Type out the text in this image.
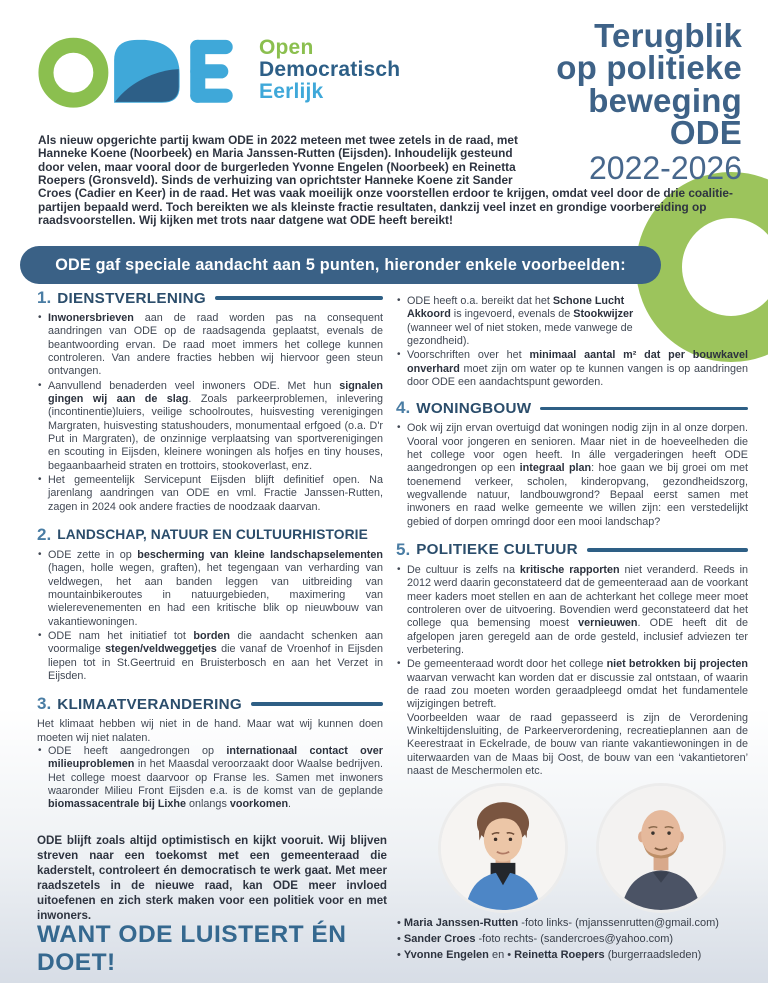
Terugblik
op politieke
beweging
ODE
2022-2026
Open
Democratisch
Eerlijk

Als nieuw opgerichte partij kwam ODE in 2022 meteen met twee zetels in de raad, met Hanneke Koene (Noorbeek) en Maria Janssen-Rutten (Eijsden). Inhoudelijk gesteund door velen, maar vooral door de burgerleden Yvonne Engelen (Noorbeek) en Reinetta Roepers (Gronsveld). Sinds de verhuizing van oprichtster Hanneke Koene zit Sander Croes (Cadier en Keer) in de raad. Het was vaak moeilijk onze voorstellen erdoor te krijgen, omdat veel door de drie coalitie-partijen bepaald werd. Toch bereikten we als kleinste fractie resultaten, dankzij veel inzet en grondige voorbereiding op raadsvoorstellen. Wij kijken met trots naar datgene wat ODE heeft bereikt!

ODE gaf speciale aandacht aan 5 punten, hieronder enkele voorbeelden:
1. DIENSTVERLENING

• Inwonersbrieven aan de raad worden pas na consequent aandringen van ODE op de raadsagenda geplaatst, evenals de beantwoording ervan. De raad moet immers het college kunnen controleren. Van andere fracties hebben wij hiervoor geen steun ontvangen.

• Aanvullend benaderden veel inwoners ODE. Met hun signalen gingen wij aan de slag. Zoals parkeerproblemen, inlevering (incontinentie)luiers, veilige schoolroutes, huisvesting verenigingen Margraten, huisvesting statushouders, monumentaal erfgoed (o.a. D'r Put in Margraten), de onzinnige verplaatsing van sportverenigingen en scouting in Eijsden, kleinere woningen als hofjes en tiny houses, begaanbaarheid straten en trottoirs, stookoverlast, enz.

• Het gemeentelijk Servicepunt Eijsden blijft definitief open. Na jarenlang aandringen van ODE en vml. Fractie Janssen-Rutten, zagen in 2024 ook andere fracties de noodzaak daarvan.

2. LANDSCHAP, NATUUR EN CULTUURHISTORIE

• ODE zette in op bescherming van kleine landschapselementen (hagen, holle wegen, graften), het tegengaan van verharding van veldwegen, het aan banden leggen van uitbreiding van mountainbikeroutes in natuurgebieden, maximering van wielerevenementen en had een kritische blik op nieuwbouw van vakantiewoningen.

• ODE nam het initiatief tot borden die aandacht schenken aan voormalige stegen/veldweggetjes die vanaf de Vroenhof in Eijsden liepen tot in St.Geertruid en Bruisterbosch en aan het Verzet in Eijsden.

3. KLIMAATVERANDERING

Het klimaat hebben wij niet in de hand. Maar wat wij kunnen doen moeten wij niet nalaten.

• ODE heeft aangedrongen op internationaal contact over milieuproblemen in het Maasdal veroorzaakt door Waalse bedrijven. Het college moest daarvoor op Franse les. Samen met inwoners waaronder Milieu Front Eijsden e.a. is de komst van de geplande biomassacentrale bij Lixhe onlangs voorkomen.

• ODE heeft o.a. bereikt dat het Schone Lucht Akkoord is ingevoerd, evenals de Stookwijzer (wanneer wel of niet stoken, mede vanwege de gezondheid).

• Voorschriften over het minimaal aantal m² dat per bouwkavel onverhard moet zijn om water op te kunnen vangen is op aandringen door ODE een aandachtspunt geworden.

4. WONINGBOUW

• Ook wij zijn ervan overtuigd dat woningen nodig zijn in al onze dorpen. Vooral voor jongeren en senioren. Maar niet in de hoeveelheden die het college voor ogen heeft. In álle vergaderingen heeft ODE aangedrongen op een integraal plan: hoe gaan we bij groei om met toenemend verkeer, scholen, kinderopvang, gezondheidszorg, wegvallende natuur, landbouwgrond? Bepaal eerst samen met inwoners en raad welke gemeente we willen zijn: een verstedelijkt gebied of dorpen omringd door een mooi landschap?

5. POLITIEKE CULTUUR

• De cultuur is zelfs na kritische rapporten niet veranderd. Reeds in 2012 werd daarin geconstateerd dat de gemeenteraad aan de voorkant meer kaders moet stellen en aan de achterkant het college meer moet controleren over de uitvoering. Bovendien werd geconstateerd dat het college qua bemensing moest vernieuwen. ODE heeft dit de afgelopen jaren geregeld aan de orde gesteld, inclusief adviezen ter verbetering.

• De gemeenteraad wordt door het college niet betrokken bij projecten waarvan verwacht kan worden dat er discussie zal ontstaan, of waarin de raad zou moeten worden geraadpleegd omdat het fundamentele wijzigingen betreft.
Voorbeelden waar de raad gepasseerd is zijn de Verordening Winkeltijdensluiting, de Parkeerverordening, recreatieplannen aan de Keerestraat in Eckelrade, de bouw van riante vakantiewoningen in de uiterwaarden van de Maas bij Oost, de bouw van een ‘vakantietoren’ naast de Meschermolen etc.

ODE blijft zoals altijd optimistisch en kijkt vooruit. Wij blijven streven naar een toekomst met een gemeenteraad die kaderstelt, controleert én democratisch te werk gaat. Met meer raadszetels in de nieuwe raad, kan ODE meer invloed uitoefenen en zich sterk maken voor een politiek voor en met inwoners.

WANT ODE LUISTERT ÉN DOET!
• Maria Janssen-Rutten -foto links- (mjanssenrutten@gmail.com)
• Sander Croes -foto rechts- (sandercroes@yahoo.com)
• Yvonne Engelen en • Reinetta Roepers (burgerraadsleden)
